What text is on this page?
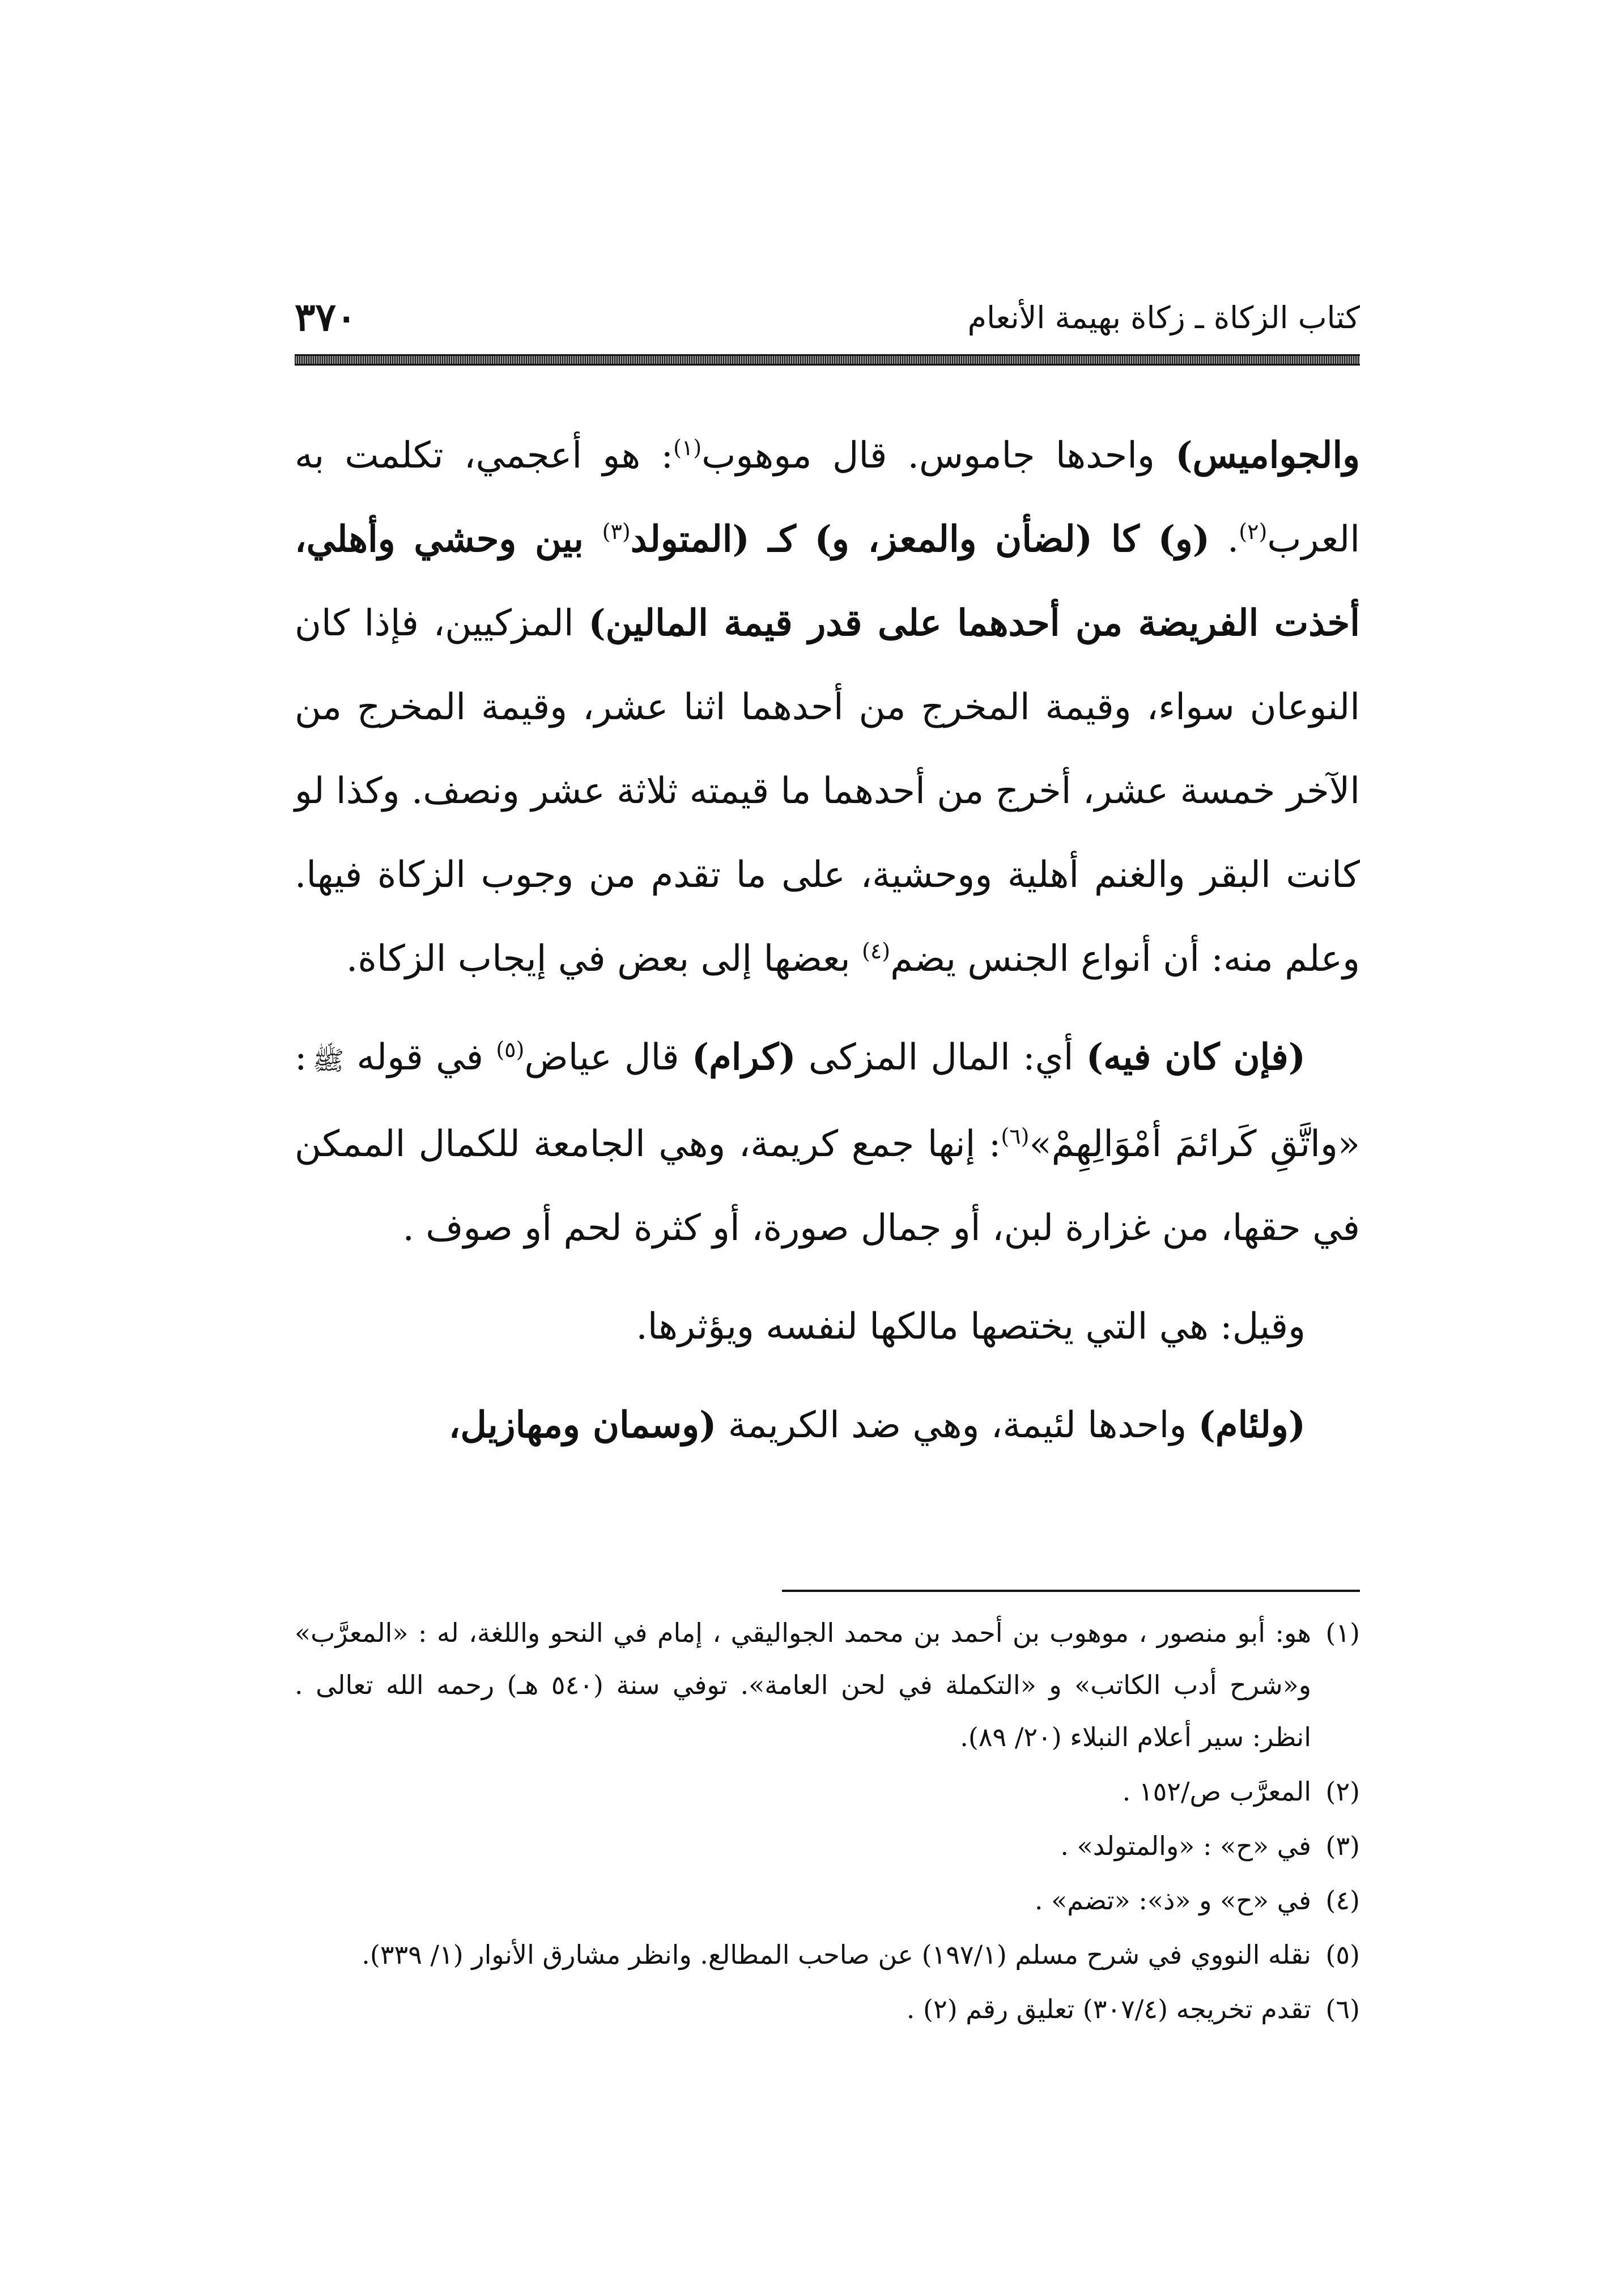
كتاب الزكاة ـ زكاة بهيمة الأنعام
٣٧٠

والجواميس) واحدها جاموس. قال موهوب$^{(١)}$: هو أعجمي، تكلمت به العرب$^{(٢)}$. (و) كا (لضأن والمعز، و) كـ (المتولد$^{(٣)}$ بين وحشي وأهلي، أخذت الفريضة من أحدهما على قدر قيمة المالين) المزكيين، فإذا كان النوعان سواء، وقيمة المخرج من أحدهما اثنا عشر، وقيمة المخرج من الآخر خمسة عشر، أخرج من أحدهما ما قيمته ثلاثة عشر ونصف. وكذا لو كانت البقر والغنم أهلية ووحشية، على ما تقدم من وجوب الزكاة فيها. وعلم منه: أن أنواع الجنس يضم$^{(٤)}$ بعضها إلى بعض في إيجاب الزكاة.

(فإن كان فيه) أي: المال المزكى (كرام) قال عياض$^{(٥)}$ في قوله ﷺ: «واتَّقِ كَرائمَ أمْوَالِهِمْ»$^{(٦)}$: إنها جمع كريمة، وهي الجامعة للكمال الممكن في حقها، من غزارة لبن، أو جمال صورة، أو كثرة لحم أو صوف .

وقيل: هي التي يختصها مالكها لنفسه ويؤثرها.

(ولئام) واحدها لئيمة، وهي ضد الكريمة (وسمان ومهازيل،

(١)
هو: أبو منصور ، موهوب بن أحمد بن محمد الجواليقي ، إمام في النحو واللغة، له : «المعرَّب» و«شرح أدب الكاتب» و «التكملة في لحن العامة». توفي سنة (٥٤٠ هـ) رحمه الله تعالى . انظر: سير أعلام النبلاء (٢٠/ ٨٩).
(٢)
المعرَّب ص/١٥٢ .
(٣)
في «ح» : «والمتولد» .
(٤)
في «ح» و «ذ»: «تضم» .
(٥)
نقله النووي في شرح مسلم (١٩٧/١) عن صاحب المطالع. وانظر مشارق الأنوار (١/ ٣٣٩).
(٦)
تقدم تخريجه (٣٠٧/٤) تعليق رقم (٢) .
